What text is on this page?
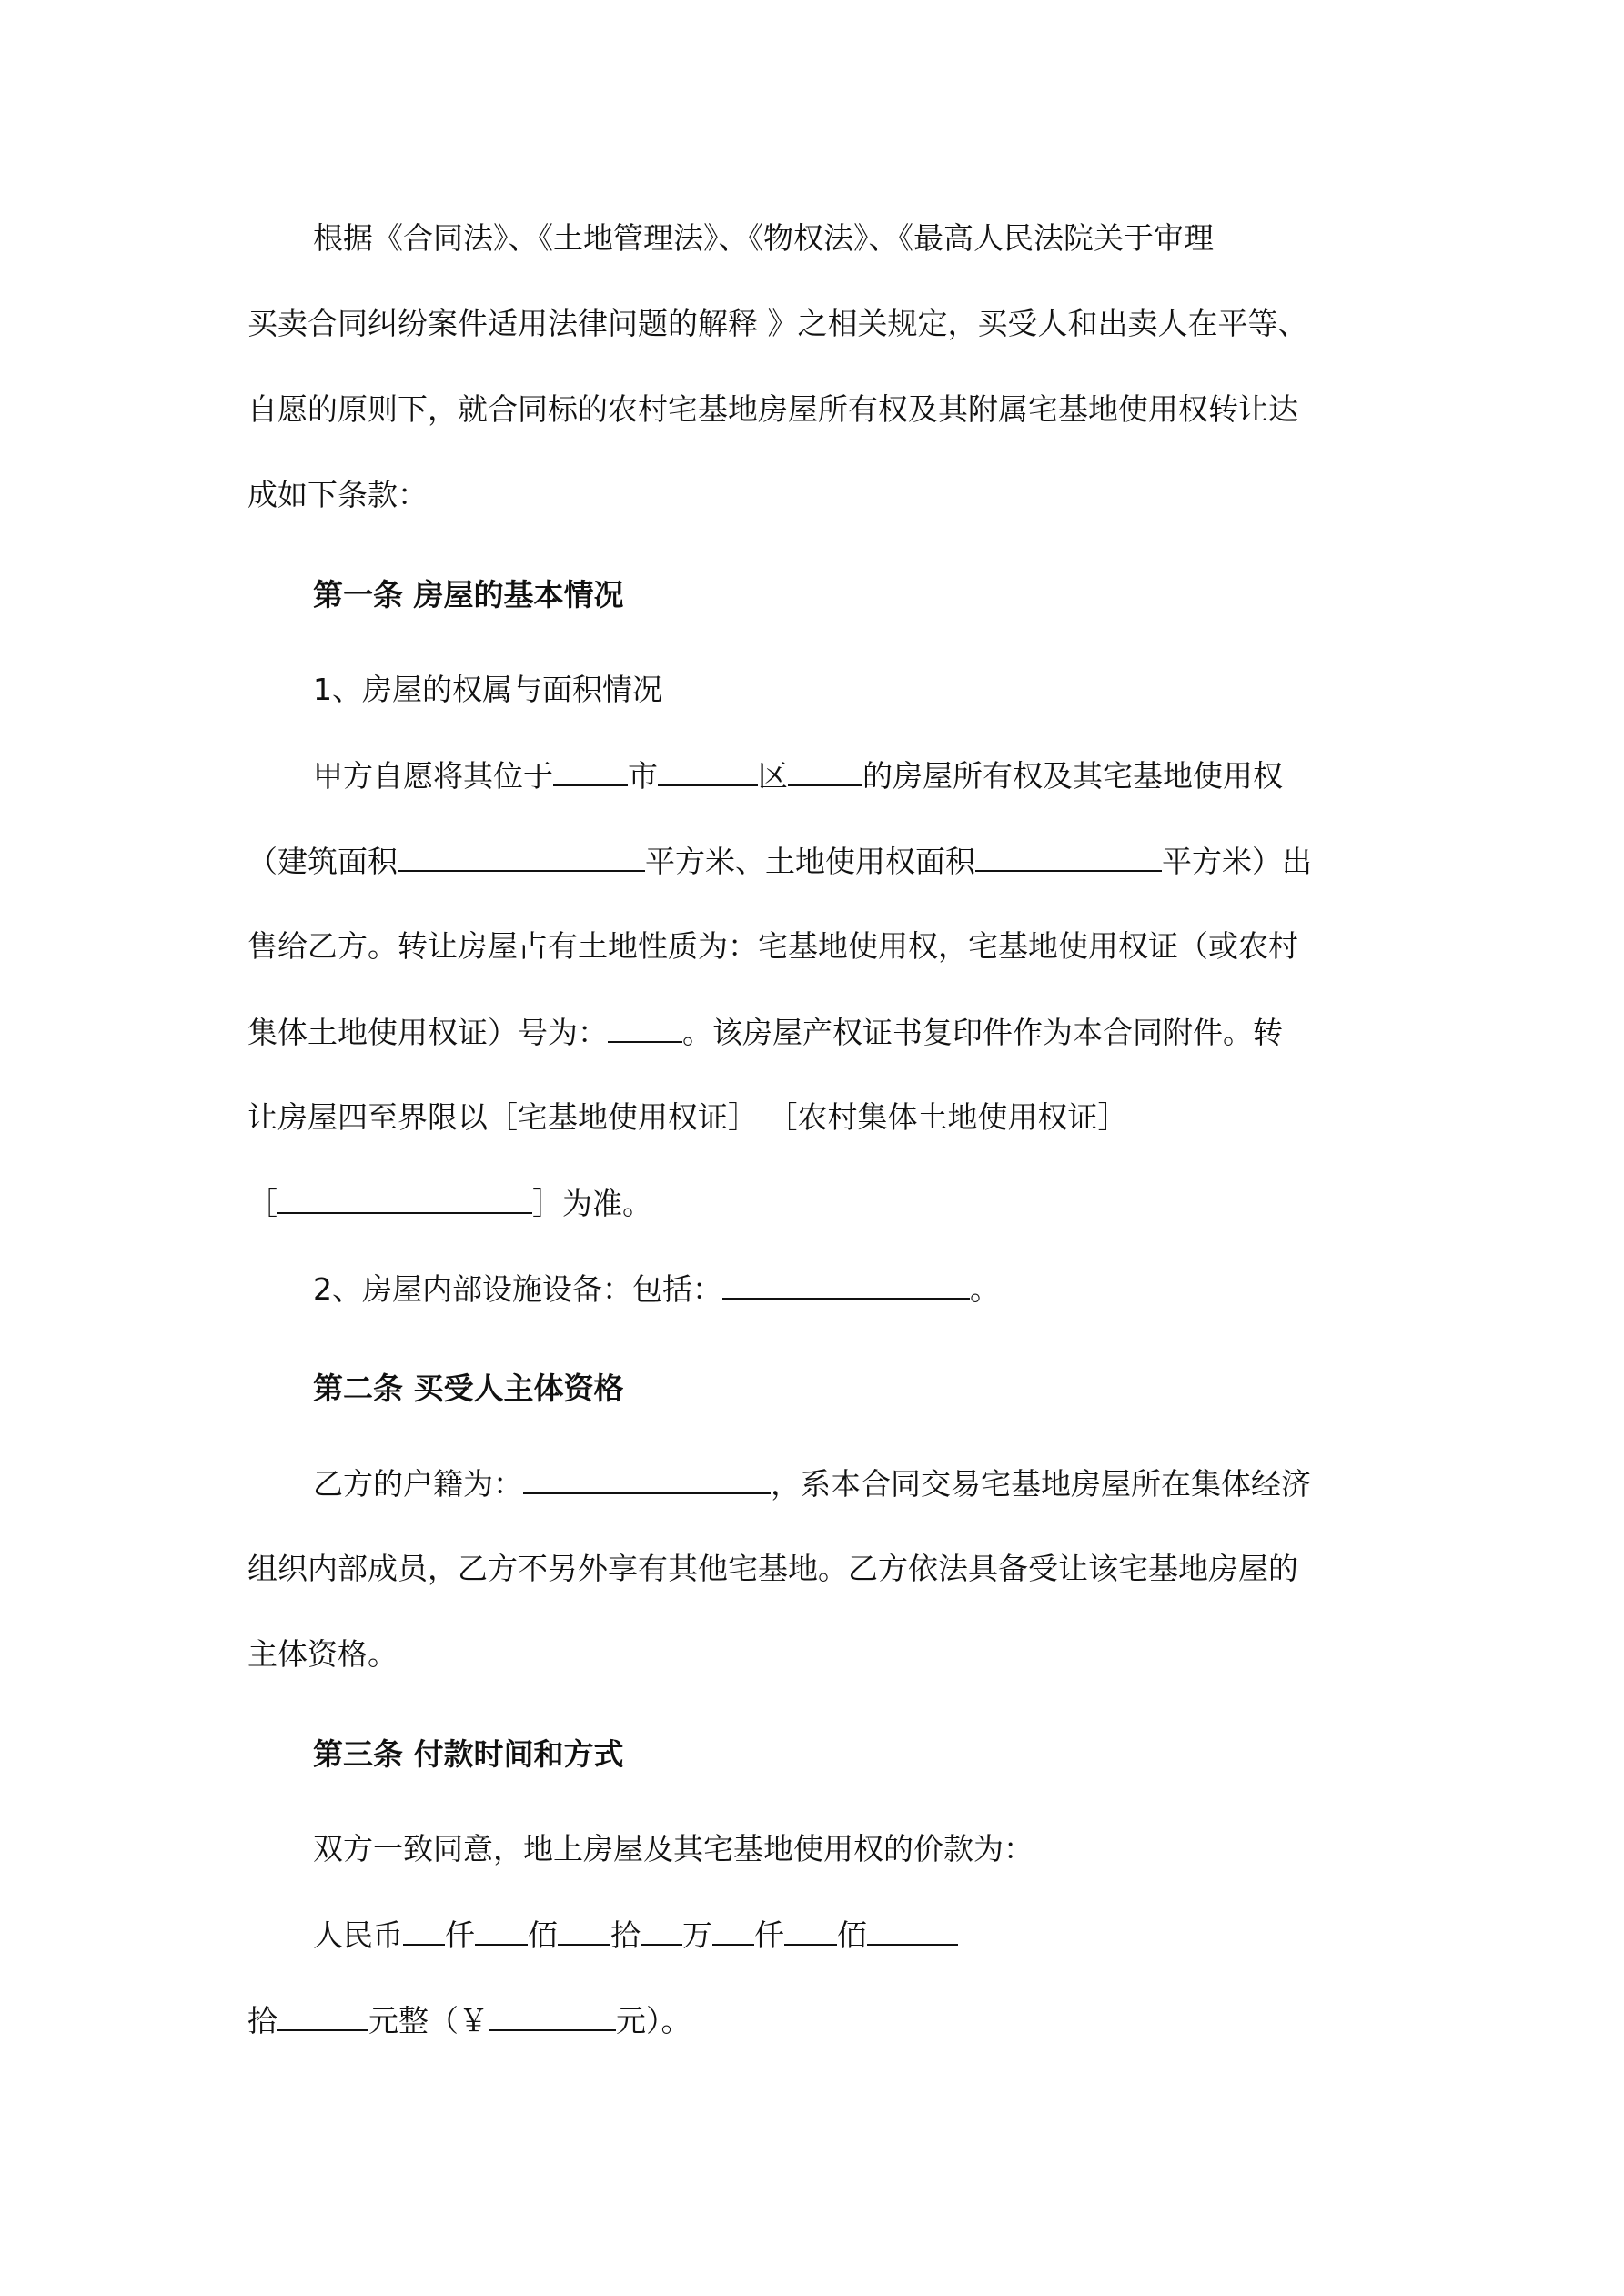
根据《合同法》、《土地管理法》、《物权法》、《最高人民法院关于审理
买卖合同纠纷案件适用法律问题的解释 》之相关规定，买受人和出卖人在平等、
自愿的原则下，就合同标的农村宅基地房屋所有权及其附属宅基地使用权转让达
成如下条款：
第一条 房屋的基本情况
1、房屋的权属与面积情况
甲方自愿将其位于 市	区 的房屋所有权及其宅基地使用权
（建筑面积	平方米、土地使用权面积	平方米）出
售给乙方。转让房屋占有土地性质为：宅基地使用权，宅基地使用权证（或农村
集体土地使用权证）号为： 。该房屋产权证书复印件作为本合同附件。转
让房屋四至界限以［宅基地使用权证］ ［农村集体土地使用权证］
［	］为准。
2、房屋内部设施设备：包括：	。
第二条 买受人主体资格
乙方的户籍为：	，系本合同交易宅基地房屋所在集体经济
组织内部成员，乙方不另外享有其他宅基地。乙方依法具备受让该宅基地房屋的
主体资格。
第三条 付款时间和方式
双方一致同意，地上房屋及其宅基地使用权的价款为：
人民币 仟 佰 拾 万 仟 佰
拾	元整（￥	元）。
